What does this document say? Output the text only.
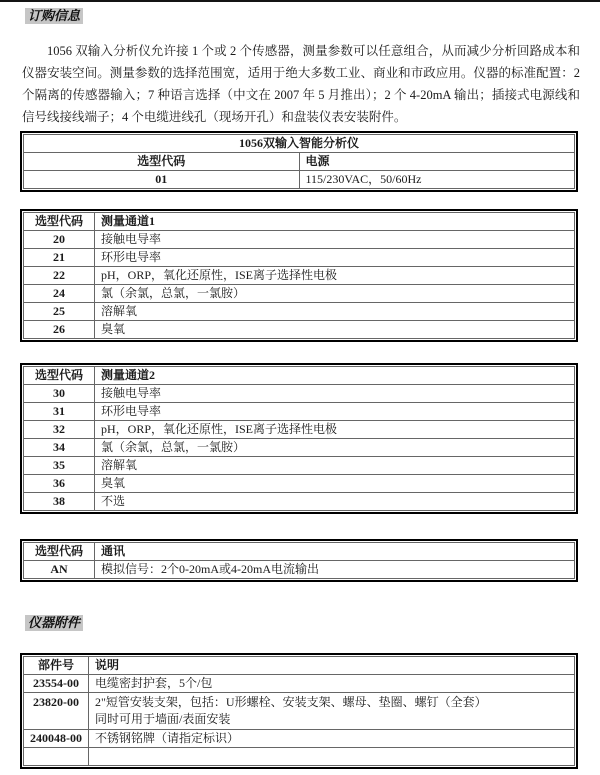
订购信息

1056 双输入分析仪允许接 1 个或 2 个传感器，测量参数可以任意组合，从而减少分析回路成本和仪器安装空间。测量参数的选择范围宽，适用于绝大多数工业、商业和市政应用。仪器的标准配置：2 个隔离的传感器输入；7 种语言选择（中文在 2007 年 5 月推出）；2 个 4-20mA 输出；插接式电源线和信号线接线端子；4 个电缆进线孔（现场开孔）和盘装仪表安装附件。

1056双输入智能分析仪	
选型代码	电源
01	115/230VAC，50/60Hz
选型代码	测量通道1
20	接触电导率
21	环形电导率
22	pH，ORP，氧化还原性，ISE离子选择性电极
24	氯（余氯，总氯，一氯胺）
25	溶解氧
26	臭氧
选型代码	测量通道2
30	接触电导率
31	环形电导率
32	pH，ORP，氧化还原性，ISE离子选择性电极
34	氯（余氯，总氯，一氯胺）
35	溶解氧
36	臭氧
38	不选
选型代码	通讯
AN	模拟信号：2个0-20mA或4-20mA电流输出
仪器附件
部件号	说明
23554-00	电缆密封护套，5个/包
23820-00	2"短管安装支架，包括：U形螺栓、安装支架、螺母、垫圈、螺钉（全套）
同时可用于墙面/表面安装

240048-00	不锈钢铭牌（请指定标识）
